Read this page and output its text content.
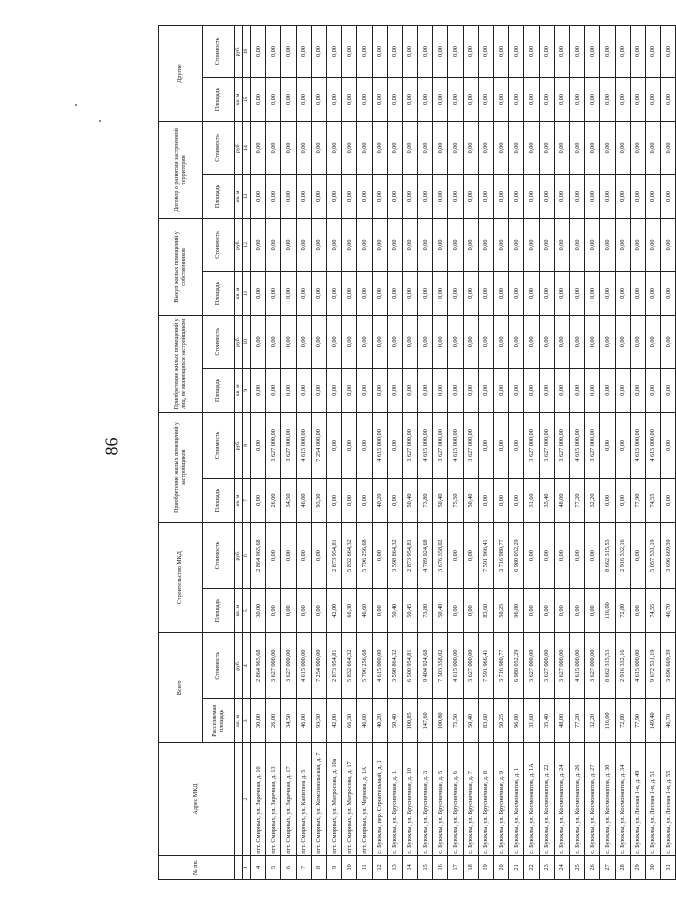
86
№ пп.	Адрес МКД	Всего		Строительство МКД		Приобретение жилых помещений у застройщиков		Приобретение жилых помещений у лиц, не являющихся застройщиком		Выкуп жилых помещений у собственников		Договор о развитии застроенной территории		Другие	
		Расселяемая площадь	Стоимость	Площадь	Стоимость	Площадь	Стоимость	Площадь	Стоимость	Площадь	Стоимость	Площадь	Стоимость	Площадь	Стоимость
		кв. м	руб.	кв. м	руб.	кв. м	руб.	кв. м	руб.	кв. м	руб.	кв. м	руб.	кв. м	руб.
1	2	3	4	5	6	7	8	9	10	11	12	13	14	15	16
4	пгт. Смирных, ул. Заречная, д. 10	30,00	2 864 965,68	30,00	2 864 965,68	0,00	0,00	0,00	0,00	0,00	0,00	0,00	0,00	0,00	0,00
5	пгт. Смирных, ул. Заречная, д. 13	26,00	3 627 000,00	0,00	0,00	26,00	3 627 000,00	0,00	0,00	0,00	0,00	0,00	0,00	0,00	0,00
6	пгт. Смирных, ул. Заречная, д. 17	34,50	3 627 000,00	0,00	0,00	34,50	3 627 000,00	0,00	0,00	0,00	0,00	0,00	0,00	0,00	0,00
7	пгт. Смирных, ул. Капитана д. 5	46,00	4 615 000,00	0,00	0,00	46,00	4 615 000,00	0,00	0,00	0,00	0,00	0,00	0,00	0,00	0,00
8	пгт. Смирных, ул. Комсомольская, д. 7	93,30	7 254 000,00	0,00	0,00	93,30	7 254 000,00	0,00	0,00	0,00	0,00	0,00	0,00	0,00	0,00
9	пгт. Смирных, ул. Матросова, д. 10а	42,00	2 873 954,81	42,00	2 873 954,81	0,00	0,00	0,00	0,00	0,00	0,00	0,00	0,00	0,00	0,00
10	пгт. Смирных, ул. Матросова, д. 17	66,30	5 832 664,32	66,30	5 832 664,32	0,00	0,00	0,00	0,00	0,00	0,00	0,00	0,00	0,00	0,00
11	пгт. Смирных, ул. Чернова, д. 1А	46,60	5 796 256,68	46,60	5 796 256,68	0,00	0,00	0,00	0,00	0,00	0,00	0,00	0,00	0,00	0,00
12	с. Буюклы, пер. Строительный, д. 1	40,20	4 615 000,00	0,00	0,00	40,20	4 615 000,00	0,00	0,00	0,00	0,00	0,00	0,00	0,00	0,00
13	с. Буюклы, ул. Брусничная, д. 1	50,40	3 598 864,32	50,40	3 598 864,32	0,00	0,00	0,00	0,00	0,00	0,00	0,00	0,00	0,00	0,00
14	с. Буюклы, ул. Брусничная, д. 10	100,85	6 500 954,81	50,45	2 873 954,81	50,40	3 627 000,00	0,00	0,00	0,00	0,00	0,00	0,00	0,00	0,00
15	с. Буюклы, ул. Брусничная, д. 3	147,60	9 404 924,68	73,80	4 789 924,68	73,80	4 615 000,00	0,00	0,00	0,00	0,00	0,00	0,00	0,00	0,00
16	с. Буюклы, ул. Брусничная, д. 5	100,80	7 303 358,02	50,40	3 676 358,02	50,40	3 627 000,00	0,00	0,00	0,00	0,00	0,00	0,00	0,00	0,00
17	с. Буюклы, ул. Брусничная, д. 6	75,50	4 615 000,00	0,00	0,00	75,50	4 615 000,00	0,00	0,00	0,00	0,00	0,00	0,00	0,00	0,00
18	с. Буюклы, ул. Брусничная, д. 7	50,40	3 627 000,00	0,00	0,00	50,40	3 627 000,00	0,00	0,00	0,00	0,00	0,00	0,00	0,00	0,00
19	с. Буюклы, ул. Брусничная, д. 8	83,60	7 591 966,41	83,60	7 591 966,41	0,00	0,00	0,00	0,00	0,00	0,00	0,00	0,00	0,00	0,00
20	с. Буюклы, ул. Брусничная, д. 9	50,25	3 716 980,77	50,25	3 716 980,77	0,00	0,00	0,00	0,00	0,00	0,00	0,00	0,00	0,00	0,00
21	с. Буюклы, ул. Космонавтов, д. 1	96,80	6 980 052,29	96,80	6 980 052,29	0,00	0,00	0,00	0,00	0,00	0,00	0,00	0,00	0,00	0,00
22	с. Буюклы, ул. Космонавтов, д. 1А	31,60	3 627 000,00	0,00	0,00	31,60	3 627 000,00	0,00	0,00	0,00	0,00	0,00	0,00	0,00	0,00
23	с. Буюклы, ул. Космонавтов, д. 22	35,40	3 627 000,00	0,00	0,00	35,40	3 627 000,00	0,00	0,00	0,00	0,00	0,00	0,00	0,00	0,00
24	с. Буюклы, ул. Космонавтов, д. 24	48,00	3 627 000,00	0,00	0,00	48,00	3 627 000,00	0,00	0,00	0,00	0,00	0,00	0,00	0,00	0,00
25	с. Буюклы, ул. Космонавтов, д. 26	77,20	4 615 000,00	0,00	0,00	77,20	4 615 000,00	0,00	0,00	0,00	0,00	0,00	0,00	0,00	0,00
26	с. Буюклы, ул. Космонавтов, д. 27	32,20	3 627 000,00	0,00	0,00	32,20	3 627 000,00	0,00	0,00	0,00	0,00	0,00	0,00	0,00	0,00
27	с. Буюклы, ул. Космонавтов, д. 30	116,00	8 662 315,53	116,00	8 662 315,53	0,00	0,00	0,00	0,00	0,00	0,00	0,00	0,00	0,00	0,00
28	с. Буюклы, ул. Космонавтов, д. 34	72,80	2 916 332,16	72,80	2 916 332,16	0,00	0,00	0,00	0,00	0,00	0,00	0,00	0,00	0,00	0,00
29	с. Буюклы, ул. Лесная 1-я, д. 49	77,90	4 615 000,00	0,00	0,00	77,90	4 615 000,00	0,00	0,00	0,00	0,00	0,00	0,00	0,00	0,00
30	с. Буюклы, ул. Лесная 1-я, д. 51	149,40	9 672 531,19	74,55	5 057 531,19	74,55	4 615 000,00	0,00	0,00	0,00	0,00	0,00	0,00	0,00	0,00
31	с. Буюклы, ул. Лесная 1-я, д. 55	46,70	3 696 669,39	46,70	3 696 669,39	0,00	0,00	0,00	0,00	0,00	0,00	0,00	0,00	0,00	0,00
